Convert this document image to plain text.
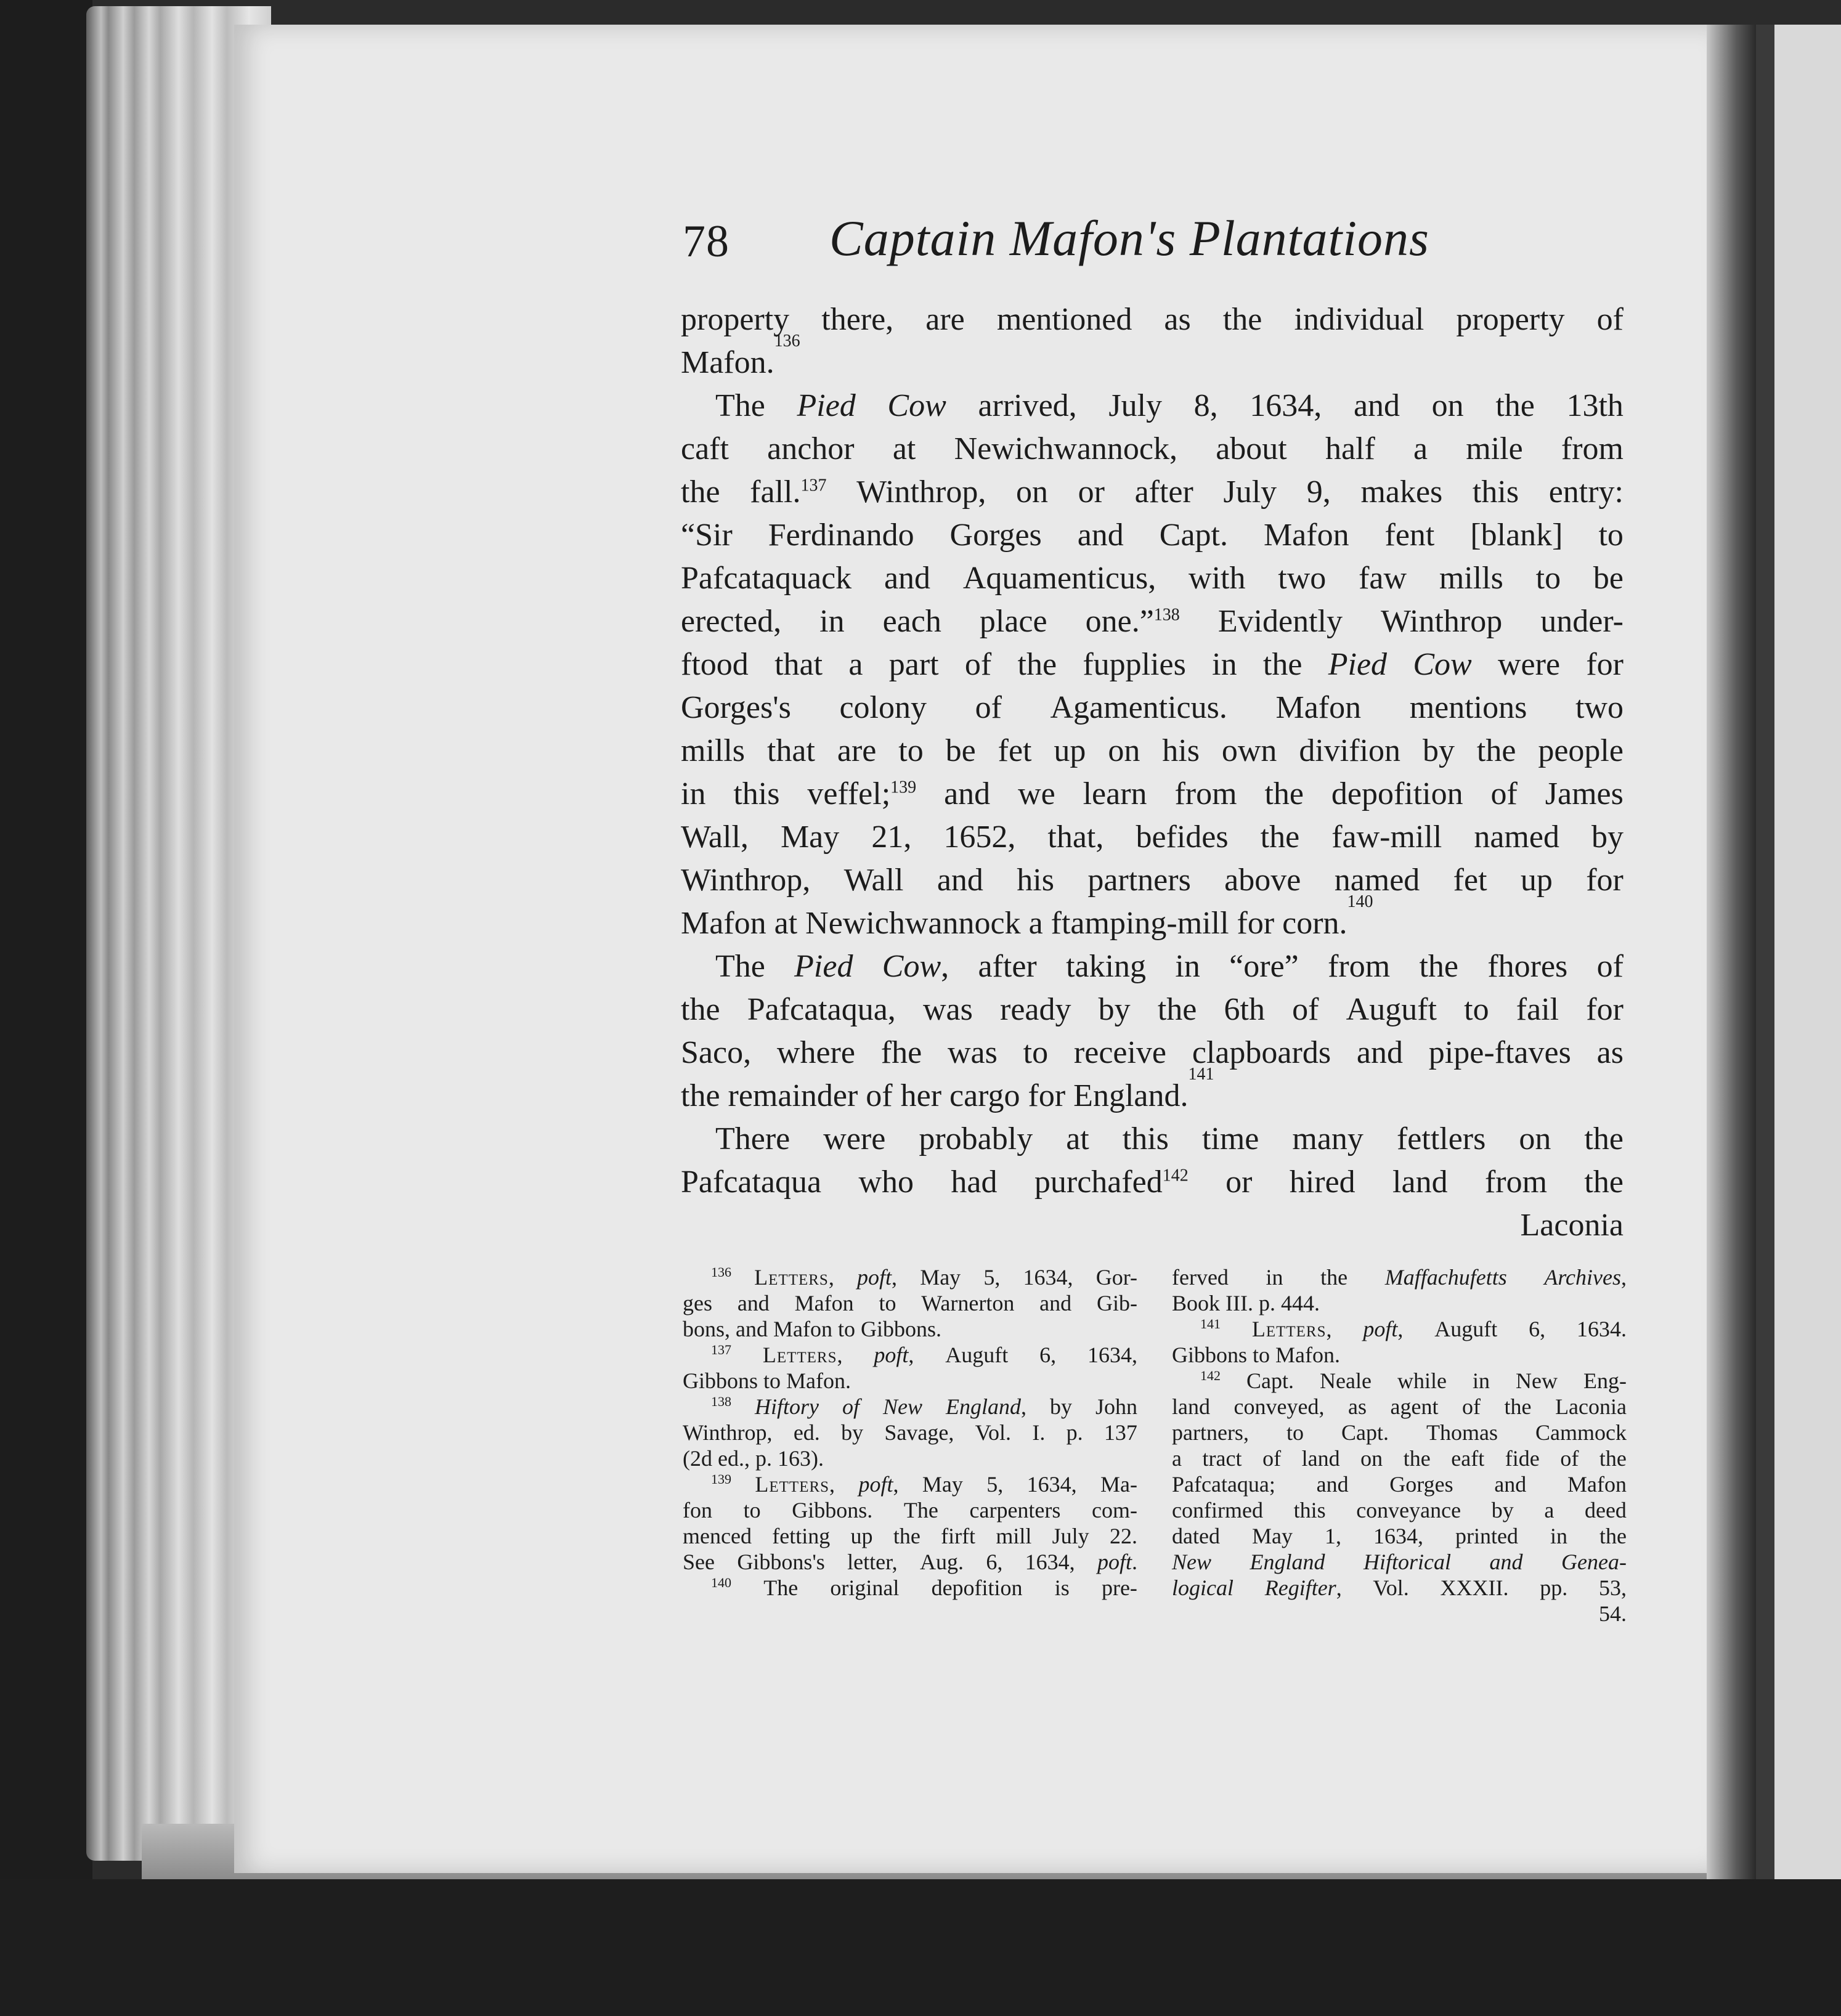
78 Captain Mafon's Plantations
property there, are mentioned as the individual property of
Mafon.
136
The Pied Cow arrived, July 8, 1634, and on the 13th
caft anchor at Newichwannock, about half a mile from
the fall.$^{137}$ Winthrop, on or after July 9, makes this entry:
“Sir Ferdinando Gorges and Capt. Mafon fent [blank] to
Pafcataquack and Aquamenticus, with two faw mills to be
erected, in each place one.”$^{138}$ Evidently Winthrop under-
ftood that a part of the fupplies in the Pied Cow were for
Gorges's colony of Agamenticus. Mafon mentions two
mills that are to be fet up on his own divifion by the people
in this veffel;$^{139}$ and we learn from the depofition of James
Wall, May 21, 1652, that, befides the faw-mill named by
Winthrop, Wall and his partners above named fet up for
Mafon at Newichwannock a ftamping-mill for corn.
140
The Pied Cow, after taking in “ore” from the fhores of
the Pafcataqua, was ready by the 6th of Auguft to fail for
Saco, where fhe was to receive clapboards and pipe-ftaves as
the remainder of her cargo for England.
141
There were probably at this time many fettlers on the
Pafcataqua who had purchafed$^{142}$ or hired land from the
Laconia
$^{136}$ Letters, poft, May 5, 1634, Gor-
ges and Mafon to Warnerton and Gib-
bons, and Mafon to Gibbons.
$^{137}$ Letters, poft, Auguft 6, 1634,
Gibbons to Mafon.
$^{138}$ Hiftory of New England, by John
Winthrop, ed. by Savage, Vol. I. p. 137
(2d ed., p. 163).
$^{139}$ Letters, poft, May 5, 1634, Ma-
fon to Gibbons. The carpenters com-
menced fetting up the firft mill July 22.
See Gibbons's letter, Aug. 6, 1634, poft.
$^{140}$ The original depofition is pre-
ferved in the Maffachufetts Archives,
Book III. p. 444.
$^{141}$ Letters, poft, Auguft 6, 1634.
Gibbons to Mafon.
$^{142}$ Capt. Neale while in New Eng-
land conveyed, as agent of the Laconia
partners, to Capt. Thomas Cammock
a tract of land on the eaft fide of the
Pafcataqua; and Gorges and Mafon
confirmed this conveyance by a deed
dated May 1, 1634, printed in the
New England Hiftorical and Genea-
logical Regifter, Vol. XXXII. pp. 53,
54.
